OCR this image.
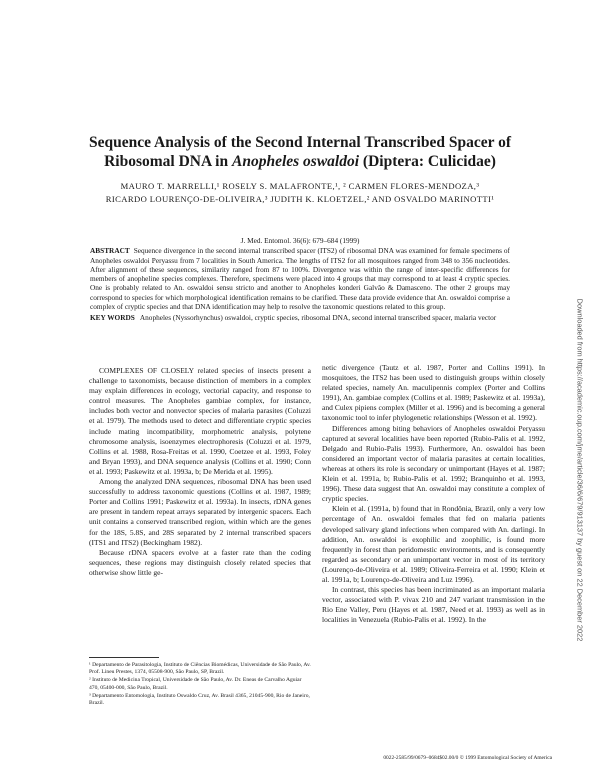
Sequence Analysis of the Second Internal Transcribed Spacer of
Ribosomal DNA in Anopheles oswaldoi (Diptera: Culicidae)
MAURO T. MARRELLI,¹ ROSELY S. MALAFRONTE,¹, ² CARMEN FLORES-MENDOZA,³
RICARDO LOURENÇO-DE-OLIVEIRA,³ JUDITH K. KLOETZEL,² AND OSVALDO MARINOTTI¹
J. Med. Entomol. 36(6): 679–684 (1999)
ABSTRACT Sequence divergence in the second internal transcribed spacer (ITS2) of ribosomal DNA was examined for female specimens of Anopheles oswaldoi Peryassu from 7 localities in South America. The lengths of ITS2 for all mosquitoes ranged from 348 to 356 nucleotides. After alignment of these sequences, similarity ranged from 87 to 100%. Divergence was within the range of inter-specific differences for members of anopheline species complexes. Therefore, specimens were placed into 4 groups that may correspond to at least 4 cryptic species. One is probably related to An. oswaldoi sensu stricto and another to Anopheles konderi Galvão & Damasceno. The other 2 groups may correspond to species for which morphological identification remains to be clarified. These data provide evidence that An. oswaldoi comprise a complex of cryptic species and that DNA identification may help to resolve the taxonomic questions related to this group.
KEY WORDS Anopheles (Nyssorhynchus) oswaldoi, cryptic species, ribosomal DNA, second internal transcribed spacer, malaria vector

COMPLEXES OF CLOSELY related species of insects present a challenge to taxonomists, because distinction of members in a complex may explain differences in ecology, vectorial capacity, and response to control measures. The Anopheles gambiae complex, for instance, includes both vector and nonvector species of malaria parasites (Coluzzi et al. 1979). The methods used to detect and differentiate cryptic species include mating incompatibility, morphometric analysis, polytene chromosome analysis, isoenzymes electrophoresis (Coluzzi et al. 1979, Collins et al. 1988, Rosa-Freitas et al. 1990, Coetzee et al. 1993, Foley and Bryan 1993), and DNA sequence analysis (Collins et al. 1990; Conn et al. 1993; Paskewitz et al. 1993a, b; De Merida et al. 1995).

Among the analyzed DNA sequences, ribosomal DNA has been used successfully to address taxonomic questions (Collins et al. 1987, 1989; Porter and Collins 1991; Paskewitz et al. 1993a). In insects, rDNA genes are present in tandem repeat arrays separated by intergenic spacers. Each unit contains a conserved transcribed region, within which are the genes for the 18S, 5.8S, and 28S separated by 2 internal transcribed spacers (ITS1 and ITS2) (Beckingham 1982).

Because rDNA spacers evolve at a faster rate than the coding sequences, these regions may distinguish closely related species that otherwise show little ge-

¹ Departamento de Parasitologia, Instituto de Ciências Biomédicas, Universidade de São Paulo, Av. Prof. Lineu Prestes, 1374, 05508-900, São Paulo, SP, Brazil.

² Instituto de Medicina Tropical, Universidade de São Paulo, Av. Dr. Eneas de Carvalho Aguiar 470, 05400-000, São Paulo, Brazil.

³ Departamento Entomologia, Instituto Oswaldo Cruz, Av. Brasil 4365, 21045-900, Rio de Janeiro, Brazil.

netic divergence (Tautz et al. 1987, Porter and Collins 1991). In mosquitoes, the ITS2 has been used to distinguish groups within closely related species, namely An. maculipennis complex (Porter and Collins 1991), An. gambiae complex (Collins et al. 1989; Paskewitz et al. 1993a), and Culex pipiens complex (Miller et al. 1996) and is becoming a general taxonomic tool to infer phylogenetic relationships (Wesson et al. 1992).

Differences among biting behaviors of Anopheles oswaldoi Peryassu captured at several localities have been reported (Rubio-Palis et al. 1992, Delgado and Rubio-Palis 1993). Furthermore, An. oswaldoi has been considered an important vector of malaria parasites at certain localities, whereas at others its role is secondary or unimportant (Hayes et al. 1987; Klein et al. 1991a, b; Rubio-Palis et al. 1992; Branquinho et al. 1993, 1996). These data suggest that An. oswaldoi may constitute a complex of cryptic species.

Klein et al. (1991a, b) found that in Rondônia, Brazil, only a very low percentage of An. oswaldoi females that fed on malaria patients developed salivary gland infections when compared with An. darlingi. In addition, An. oswaldoi is exophilic and zoophilic, is found more frequently in forest than peridomestic environments, and is consequently regarded as secondary or an unimportant vector in most of its territory (Lourenço-de-Oliveira et al. 1989; Oliveira-Ferreira et al. 1990; Klein et al. 1991a, b; Lourenço-de-Oliveira and Luz 1996).

In contrast, this species has been incriminated as an important malaria vector, associated with P. vivax 210 and 247 variant transmission in the Rio Ene Valley, Peru (Hayes et al. 1987, Need et al. 1993) as well as in localities in Venezuela (Rubio-Palis et al. 1992). In the

0022-2585/99/0679–0684$02.00/0 © 1999 Entomological Society of America
Downloaded from https://academic.oup.com/jme/article/36/6/679/913137 by guest on 22 December 2022
